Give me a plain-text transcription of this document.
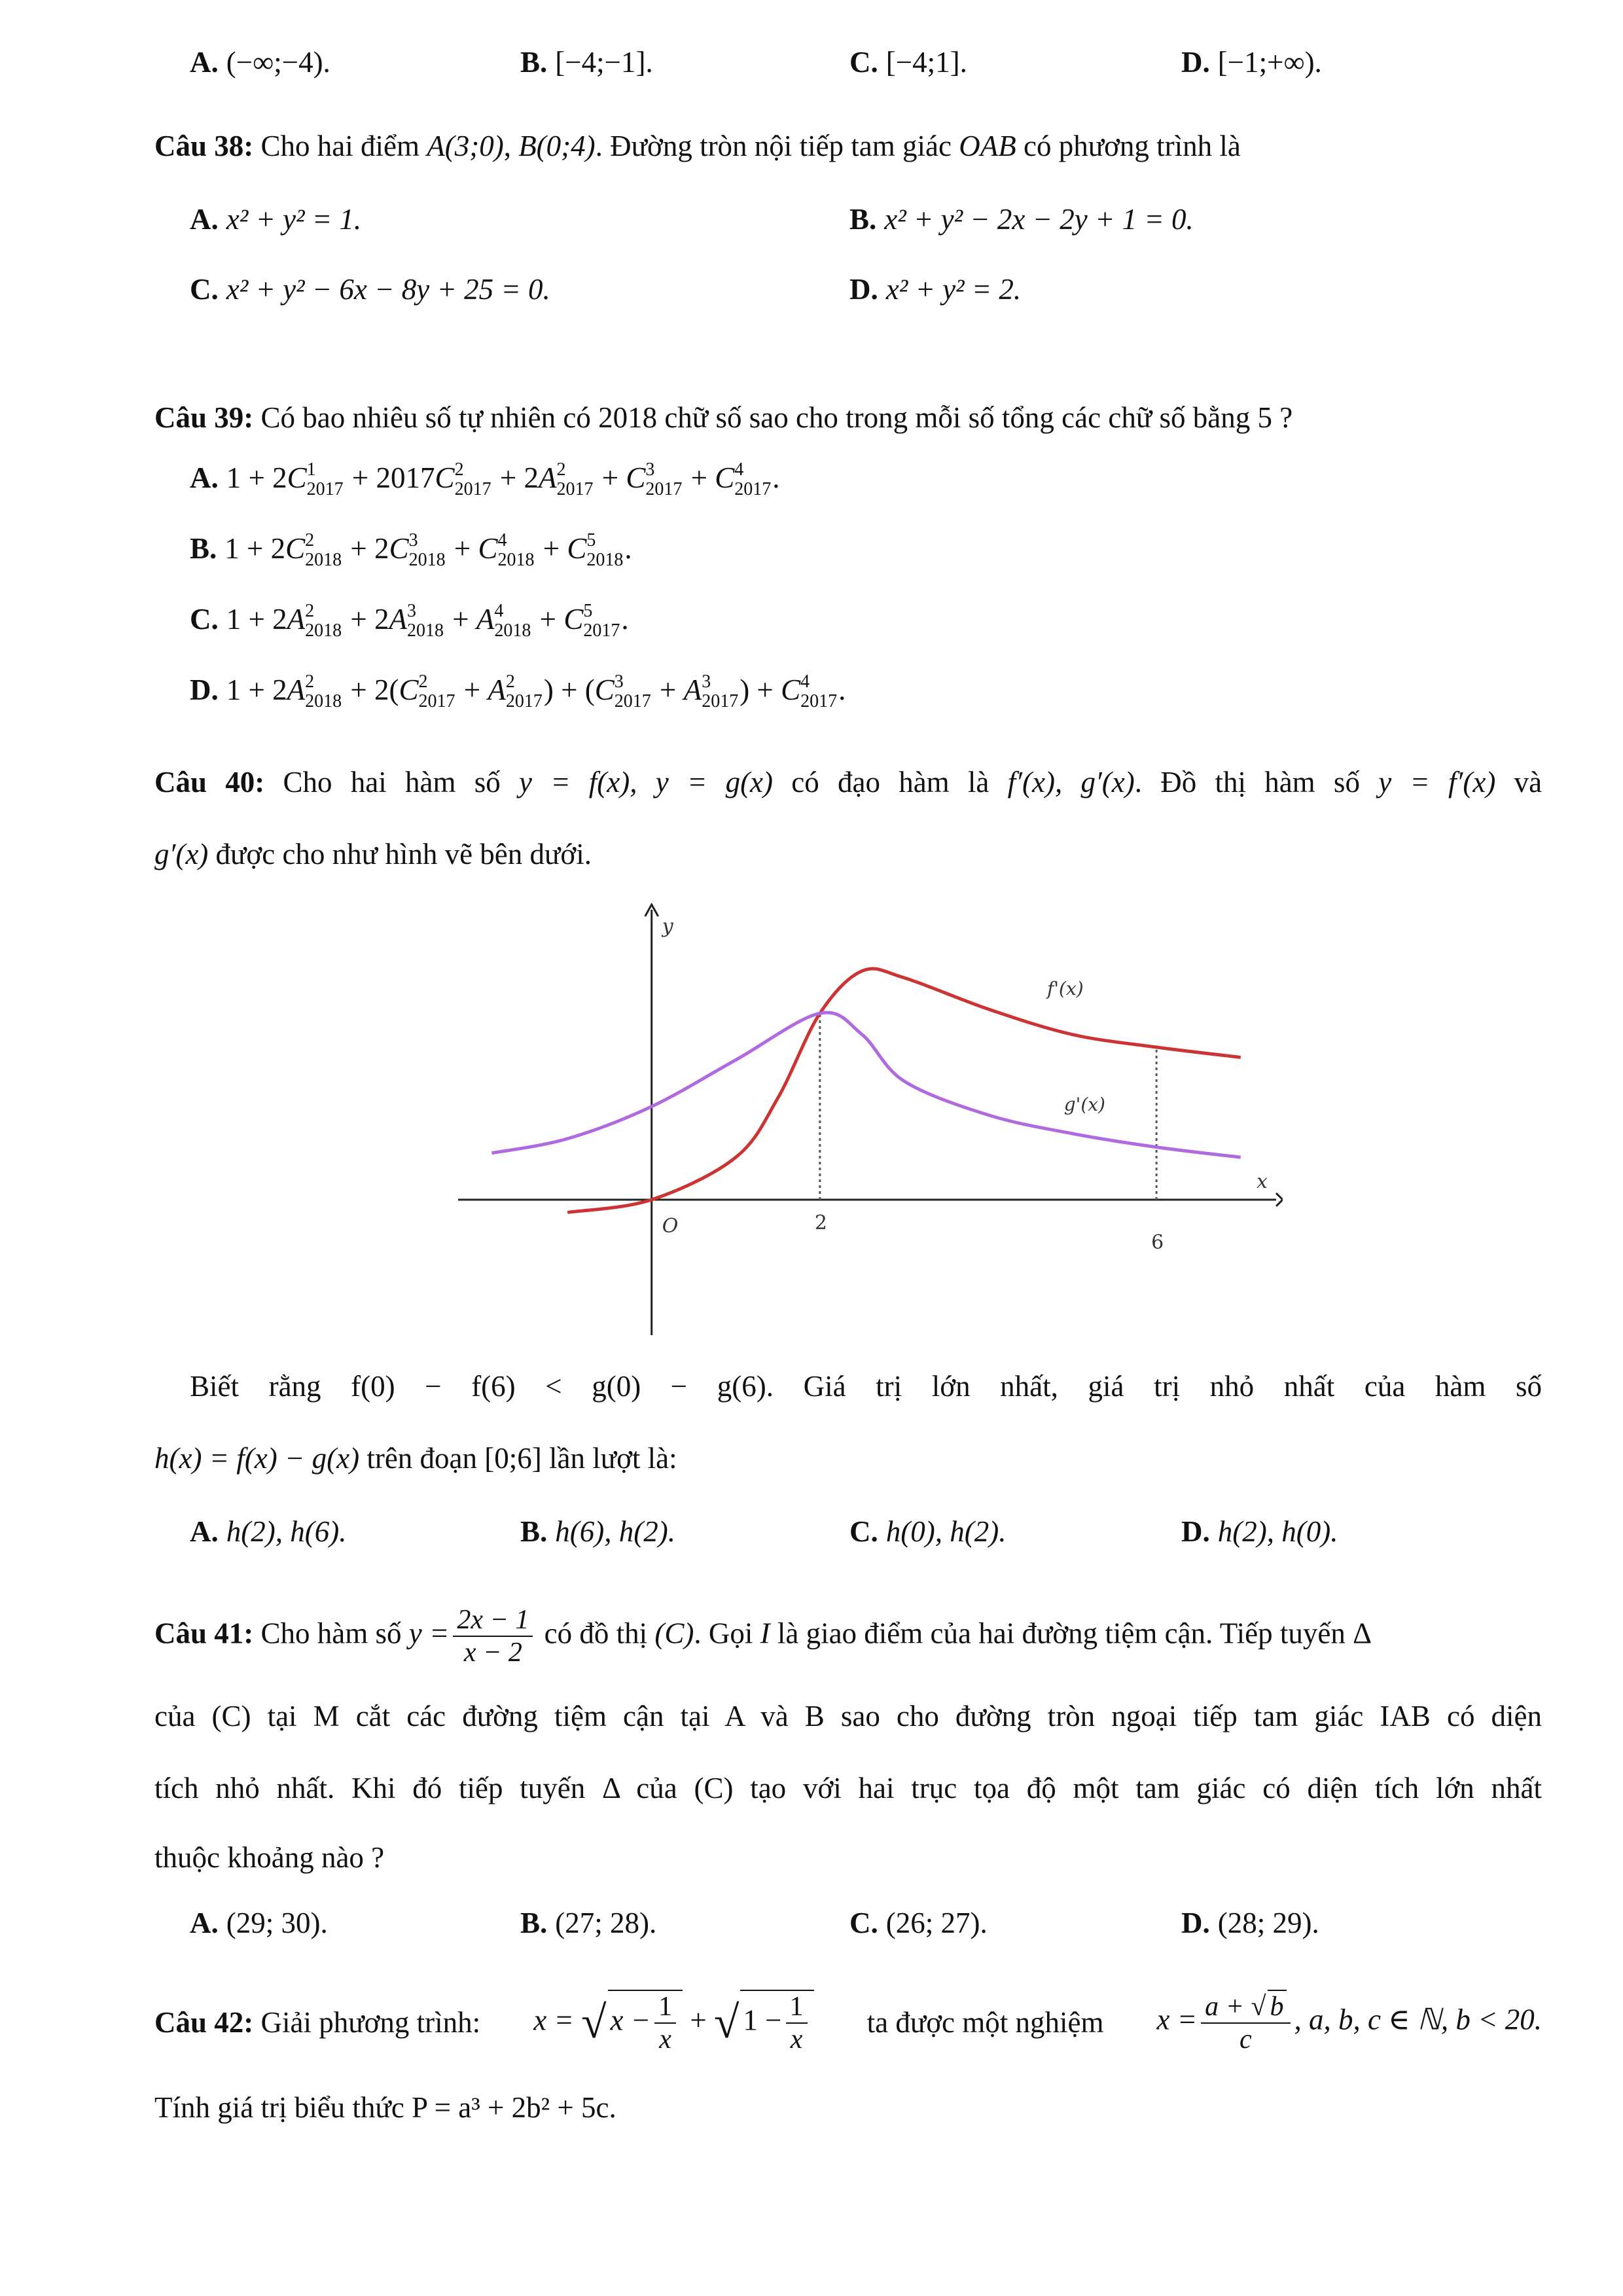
A. (−∞;−4).	B. [−4;−1].	C. [−4;1].	D. [−1;+∞).
Câu 38: Cho hai điểm A(3;0), B(0;4). Đường tròn nội tiếp tam giác OAB có phương trình là
A. x² + y² = 1.	B. x² + y² − 2x − 2y + 1 = 0.
C. x² + y² − 6x − 8y + 25 = 0.	D. x² + y² = 2.
Câu 39: Có bao nhiêu số tự nhiên có 2018 chữ số sao cho trong mỗi số tổng các chữ số bằng 5 ?
A. 1 + 2C 1
2017 + 2017C 2
2017 + 2A 2
2017 + C 3
2017 + C 4
2017 .
B. 1 + 2C 2
2018 + 2C 3
2018 + C 4
2018 + C 5
2018 .
C. 1 + 2A 2
2018 + 2A 3
2018 + A 4
2018 + C 5
2017 .
D. 1 + 2A 2
2018 + 2(C 2
2017 + A 2
2017 ) + (C 3
2017 + A 3
2017 ) + C 4
2017 .
Câu 40: Cho hai hàm số y = f(x), y = g(x) có đạo hàm là f′(x), g′(x). Đồ thị hàm số y = f′(x) và
g′(x) được cho như hình vẽ bên dưới.
x
y
O	2
6
f'(x)
g'(x)
Biết rằng f(0) − f(6) < g(0) − g(6). Giá trị lớn nhất, giá trị nhỏ nhất của hàm số
h(x) = f(x) − g(x) trên đoạn [0;6] lần lượt là:
A. h(2), h(6).	B. h(6), h(2).	C. h(0), h(2).	D. h(2), h(0).
Câu 41: Cho hàm số $y = \frac{2x - 1}{x - 2}$ có đồ thị (C). Gọi I là giao điểm của hai đường tiệm cận. Tiếp tuyến Δ
của (C) tại M cắt các đường tiệm cận tại A và B sao cho đường tròn ngoại tiếp tam giác IAB có diện
tích nhỏ nhất. Khi đó tiếp tuyến Δ của (C) tạo với hai trục tọa độ một tam giác có diện tích lớn nhất
thuộc khoảng nào ?
A. (29; 30).	B. (27; 28).	C. (26; 27).	D. (28; 29).
Câu 42: Giải phương trình: x = √ $x - \frac{1}{x}$ + √ $1 - \frac{1}{x}$ ta được một nghiệm $x = \frac{a + √ b}{c}$ , a, b, c ∈ ℕ, b < 20.
Tính giá trị biểu thức P = a³ + 2b² + 5c.
